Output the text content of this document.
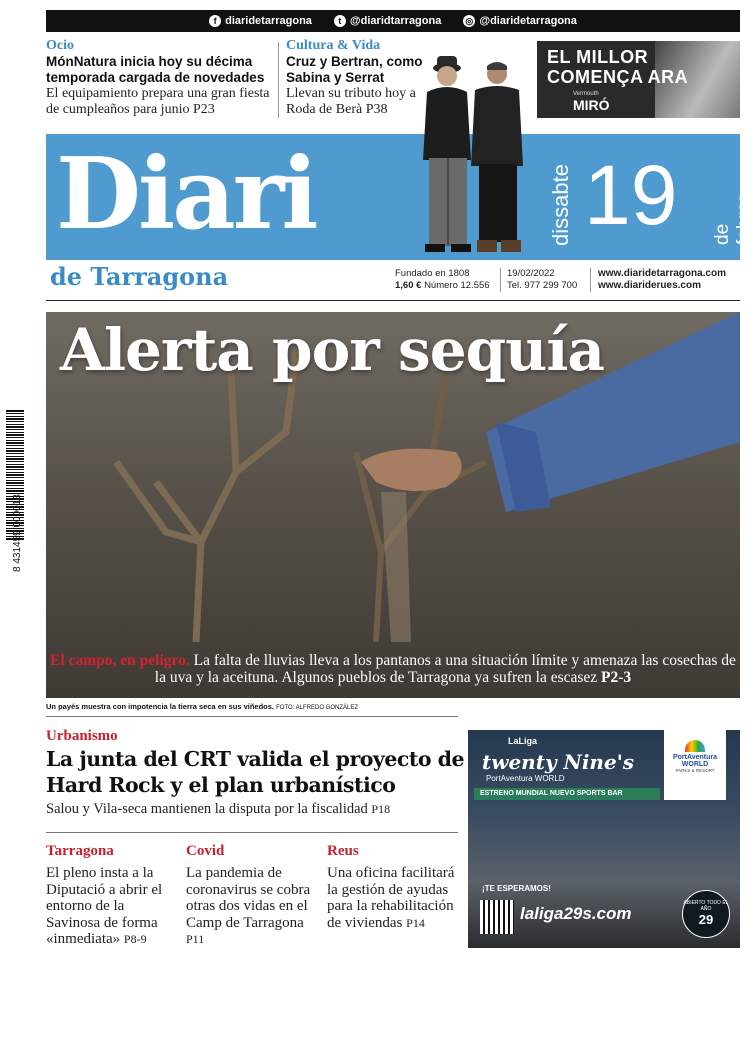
f diaridetarragona	t @diaridtarragona	◎ @diaridetarragona
Ocio
MónNatura inicia hoy su décima temporada cargada de novedades
El equipamiento prepara una gran fiesta de cumpleaños para junio P23
Cultura & Vida
Cruz y Bertran, como Sabina y Serrat
Llevan su tributo hoy a Roda de Berà P38
EL MILLOR
COMENÇA ARA
Vermouth
MIRÓ
Diari	dissabte 19 de febrer
de Tarragona	Fundado en 1808
1,60 € Número 12.556
19/02/2022
Tel. 977 299 700
www.diaridetarragona.com
www.diariderues.com
8 431459 000013
Alerta por sequía
El campo, en peligro. La falta de lluvias lleva a los pantanos a una situación límite y amenaza las cosechas de la uva y la aceituna. Algunos pueblos de Tarragona ya sufren la escasez P2-3
Un payés muestra con impotencia la tierra seca en sus viñedos. FOTO: ALFREDO GONZÁLEZ
Urbanismo
La junta del CRT valida el proyecto de Hard Rock y el plan urbanístico
Salou y Vila-seca mantienen la disputa por la fiscalidad P18
Tarragona
El pleno insta a la Diputació a abrir el entorno de la Savinosa de forma «inmediata» P8-9
Covid
La pandemia de coronavirus se cobra otras dos vidas en el Camp de Tarragona P11
Reus
Una oficina facilitará la gestión de ayudas para la rehabilitación de viviendas P14
LaLiga
twenty Nine's
PortAventura WORLD
ESTRENO MUNDIAL NUEVO SPORTS BAR
PortAventura WORLD
PARKS & RESORT
¡TE ESPERAMOS!
laliga29s.com
ABIERTO TODO EL AÑO
29
